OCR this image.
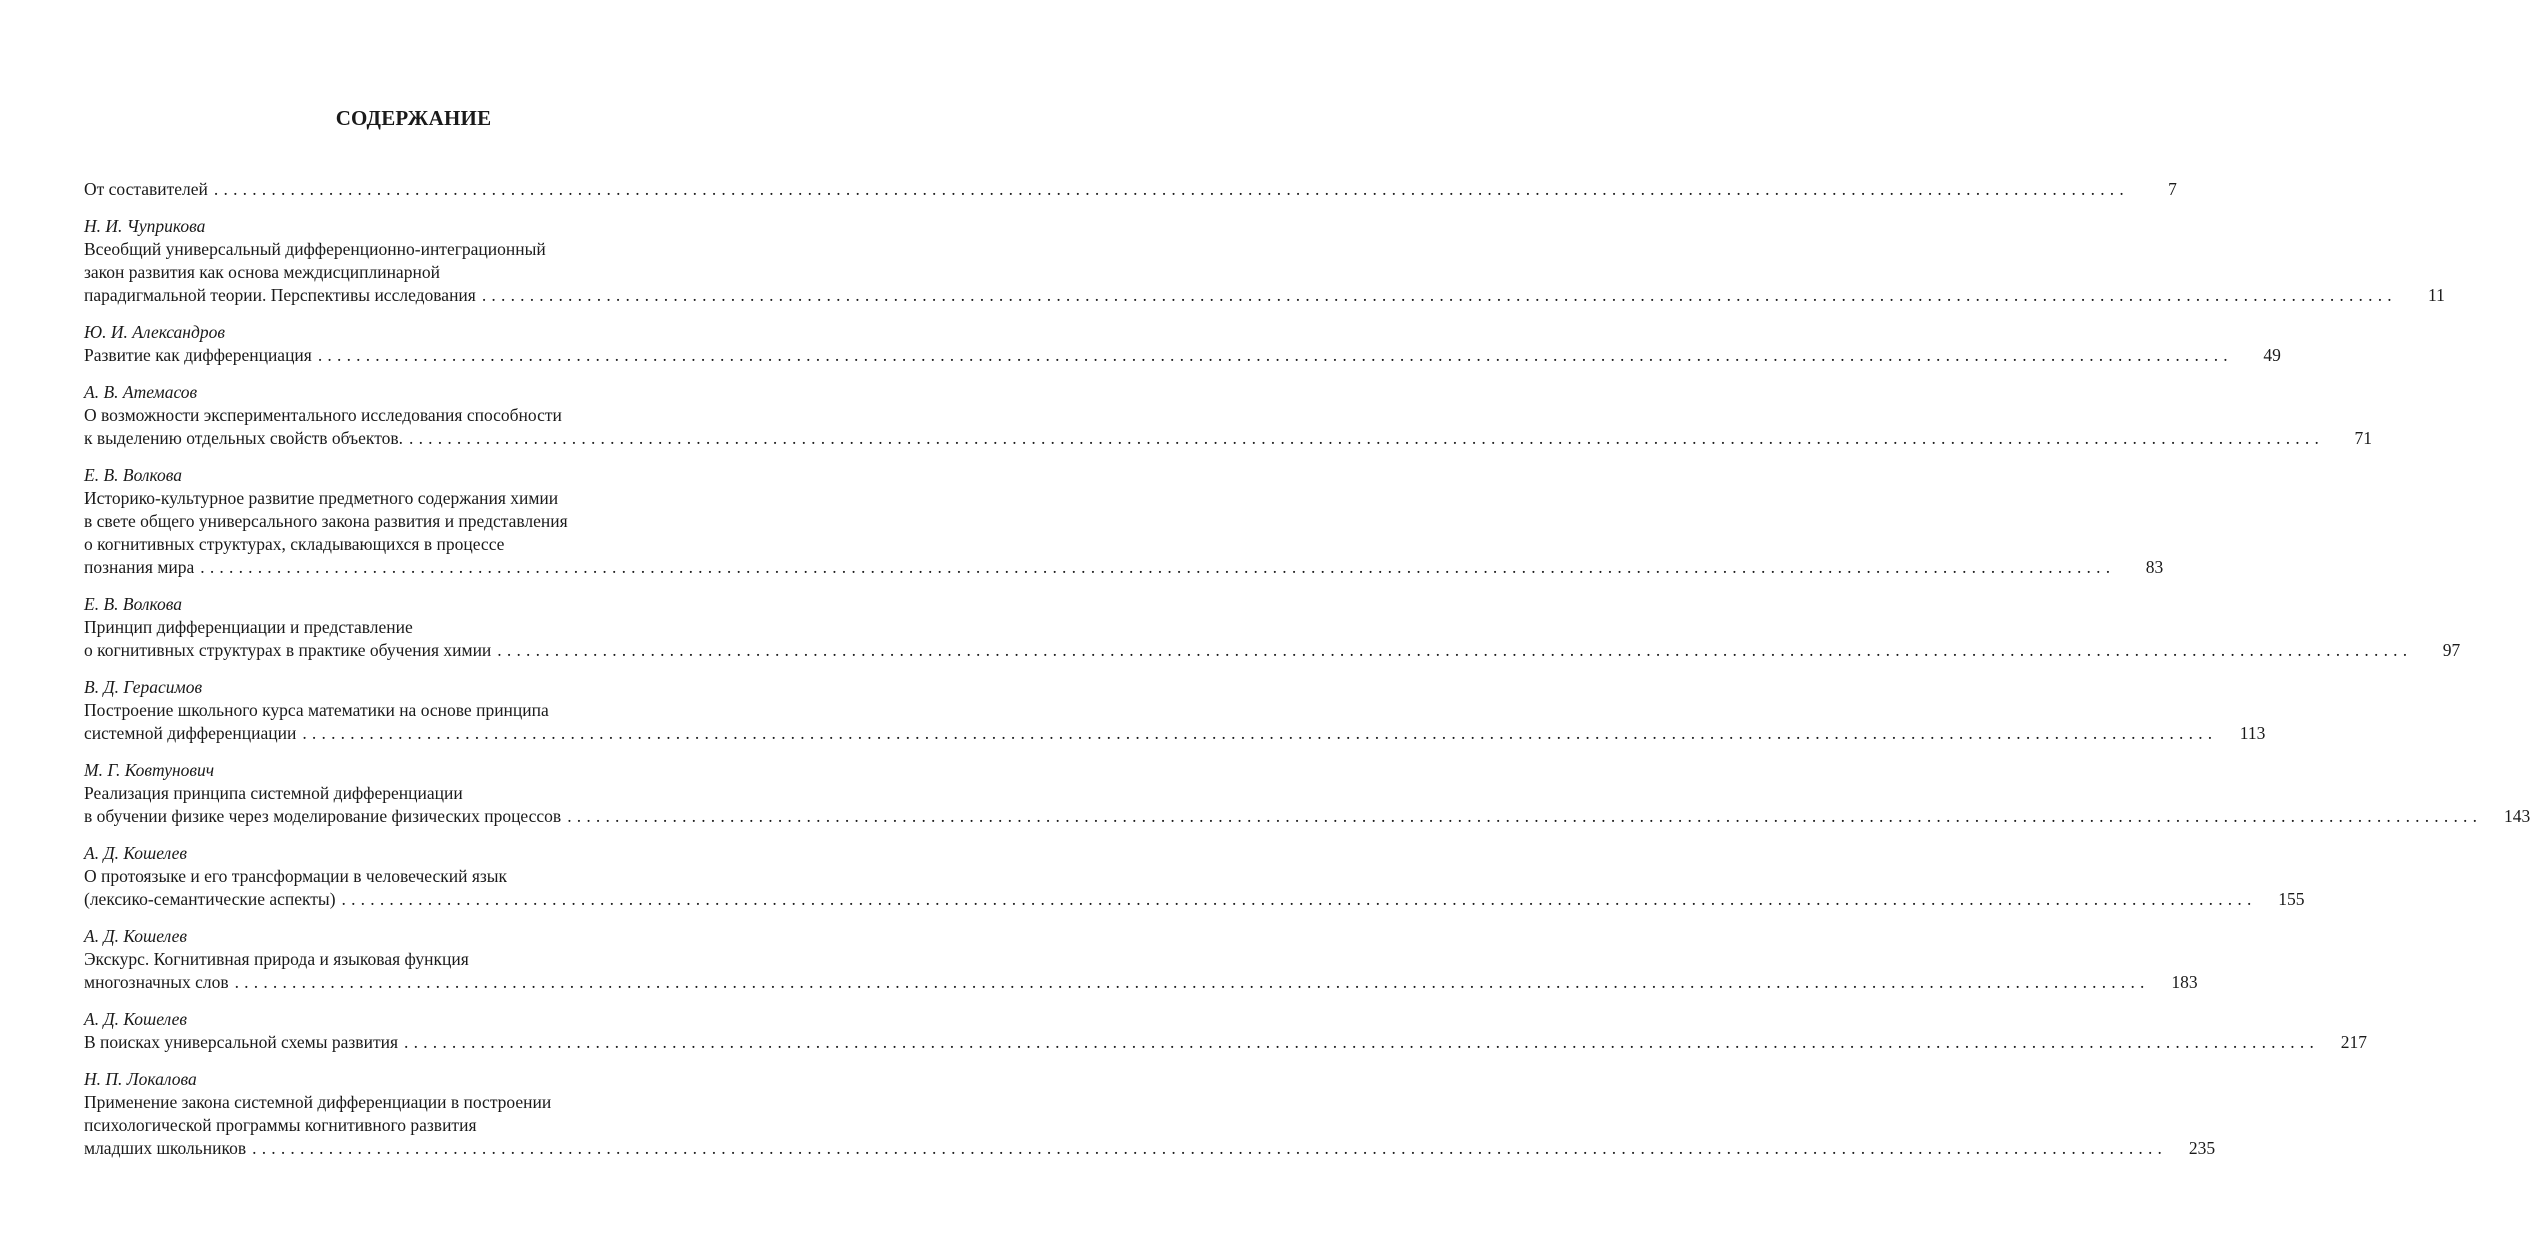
СОДЕРЖАНИЕ
От составителей ........................................................................................................................................................................................................	7
Н. И. Чуприкова
Всеобщий универсальный дифференционно-интеграционный
закон развития как основа междисциплинарной
парадигмальной теории. Перспективы исследования ........................................................................................................................................................................................................	11
Ю. И. Александров
Развитие как дифференциация ........................................................................................................................................................................................................	49
А. В. Атемасов
О возможности экспериментального исследования способности
к выделению отдельных свойств объектов. ........................................................................................................................................................................................................	71
Е. В. Волкова
Историко-культурное развитие предметного содержания химии
в свете общего универсального закона развития и представления
о когнитивных структурах, складывающихся в процессе
познания мира ........................................................................................................................................................................................................	83
Е. В. Волкова
Принцип дифференциации и представление
о когнитивных структурах в практике обучения химии ........................................................................................................................................................................................................	97
В. Д. Герасимов
Построение школьного курса математики на основе принципа
системной дифференциации ........................................................................................................................................................................................................	113
М. Г. Ковтунович
Реализация принципа системной дифференциации
в обучении физике через моделирование физических процессов ........................................................................................................................................................................................................	143
А. Д. Кошелев
О протоязыке и его трансформации в человеческий язык
(лексико-семантические аспекты) ........................................................................................................................................................................................................	155
А. Д. Кошелев
Экскурс. Когнитивная природа и языковая функция
многозначных слов ........................................................................................................................................................................................................	183
А. Д. Кошелев
В поисках универсальной схемы развития ........................................................................................................................................................................................................	217
Н. П. Локалова
Применение закона системной дифференциации в построении
психологической программы когнитивного развития
младших школьников ........................................................................................................................................................................................................	235
